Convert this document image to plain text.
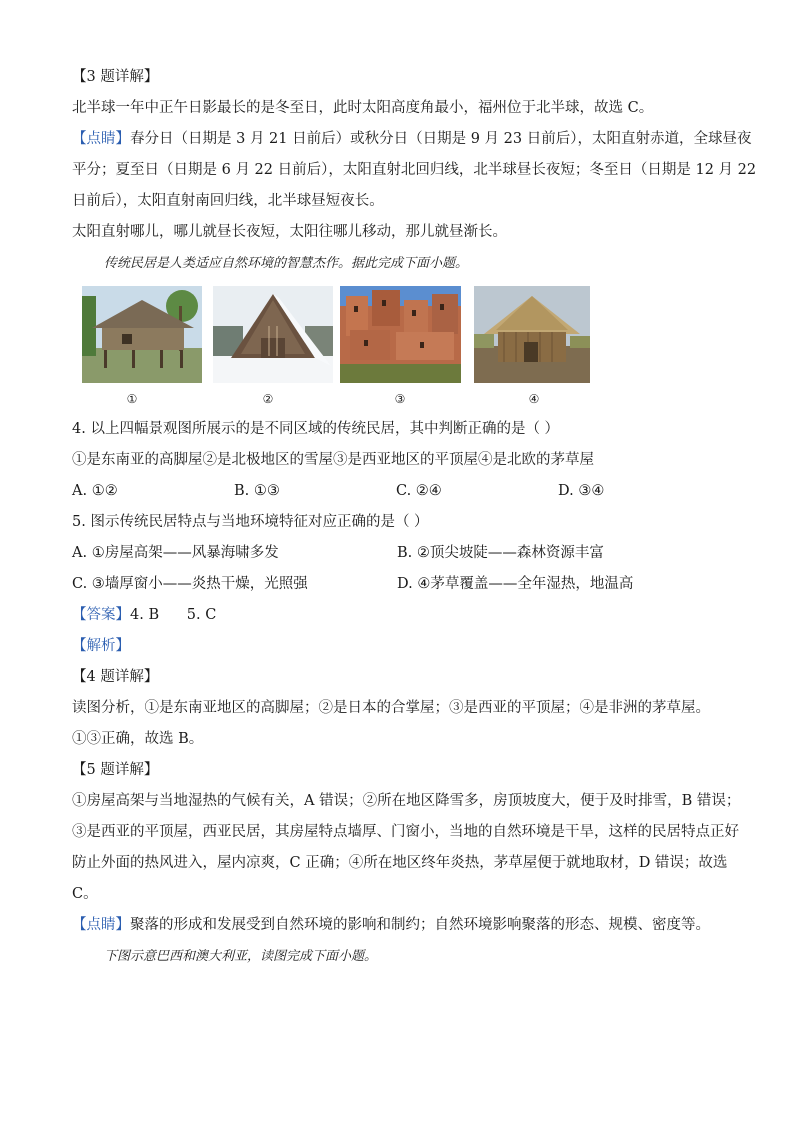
【3 题详解】

北半球一年中正午日影最长的是冬至日，此时太阳高度角最小，福州位于北半球，故选 C。

【点睛】春分日（日期是 3 月 21 日前后）或秋分日（日期是 9 月 23 日前后），太阳直射赤道，全球昼夜

平分；夏至日（日期是 6 月 22 日前后），太阳直射北回归线，北半球昼长夜短；冬至日（日期是 12 月 22

日前后），太阳直射南回归线，北半球昼短夜长。

太阳直射哪儿，哪儿就昼长夜短，太阳往哪儿移动，那儿就昼渐长。

传统民居是人类适应自然环境的智慧杰作。据此完成下面小题。

①	②	③	④

4. 以上四幅景观图所展示的是不同区域的传统民居，其中判断正确的是（ ）

①是东南亚的高脚屋②是北极地区的雪屋③是西亚地区的平顶屋④是北欧的茅草屋

A. ①②	B. ①③	C. ②④	D. ③④

5. 图示传统民居特点与当地环境特征对应正确的是（ ）

A. ①房屋高架——风暴海啸多发	B. ②顶尖坡陡——森林资源丰富
C. ③墙厚窗小——炎热干燥，光照强	D. ④茅草覆盖——全年湿热，地温高

【答案】4. B      5. C

【解析】

【4 题详解】

读图分析，①是东南亚地区的高脚屋；②是日本的合掌屋；③是西亚的平顶屋；④是非洲的茅草屋。

①③正确，故选 B。

【5 题详解】

①房屋高架与当地湿热的气候有关，A 错误；②所在地区降雪多，房顶坡度大，便于及时排雪，B 错误；

③是西亚的平顶屋，西亚民居，其房屋特点墙厚、门窗小，当地的自然环境是干旱，这样的民居特点正好

防止外面的热风进入，屋内凉爽，C 正确；④所在地区终年炎热，茅草屋便于就地取材，D 错误；故选

C。

【点睛】聚落的形成和发展受到自然环境的影响和制约；自然环境影响聚落的形态、规模、密度等。

下图示意巴西和澳大利亚，读图完成下面小题。
